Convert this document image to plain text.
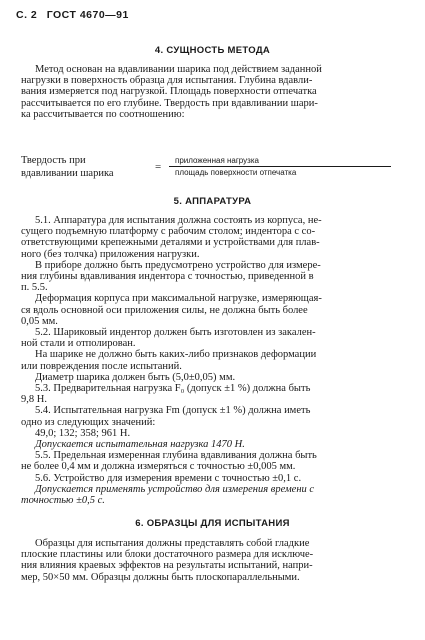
С. 2 ГОСТ 4670—91
4. СУЩНОСТЬ МЕТОДА

Метод основан на вдавливании шарика под действием заданной

нагрузки в поверхность образца для испытания. Глубина вдавли-

вания измеряется под нагрузкой. Площадь поверхности отпечатка

рассчитывается по его глубине. Твердость при вдавливании шари-

ка рассчитывается по соотношению:

Твердость при
вдавливании шарика
=
приложенная нагрузка
площадь поверхности отпечатка
5. АППАРАТУРА

5.1. Аппаратура для испытания должна состоять из корпуса, не-

сущего подъемную платформу с рабочим столом; индентора с со-

ответствующими крепежными деталями и устройствами для плав-

ного (без толчка) приложения нагрузки.

В приборе должно быть предусмотрено устройство для измере-

ния глубины вдавливания индентора с точностью, приведенной в

п. 5.5.

Деформация корпуса при максимальной нагрузке, измеряющая-

ся вдоль основной оси приложения силы, не должна быть более

0,05 мм.

5.2. Шариковый индентор должен быть изготовлен из закален-

ной стали и отполирован.

На шарике не должно быть каких-либо признаков деформации

или повреждения после испытаний.

Диаметр шарика должен быть (5,0±0,05) мм.

5.3. Предварительная нагрузка F₀ (допуск ±1 %) должна быть

9,8 Н.

5.4. Испытательная нагрузка Fm (допуск ±1 %) должна иметь

одно из следующих значений:

49,0; 132; 358; 961 Н.

Допускается испытательная нагрузка 1470 Н.

5.5. Предельная измеренная глубина вдавливания должна быть

не более 0,4 мм и должна измеряться с точностью ±0,005 мм.

5.6. Устройство для измерения времени с точностью ±0,1 с.

Допускается применять устройство для измерения времени с

точностью ±0,5 с.

6. ОБРАЗЦЫ ДЛЯ ИСПЫТАНИЯ

Образцы для испытания должны представлять собой гладкие

плоские пластины или блоки достаточного размера для исключе-

ния влияния краевых эффектов на результаты испытаний, напри-

мер, 50×50 мм. Образцы должны быть плоскопараллельными.
